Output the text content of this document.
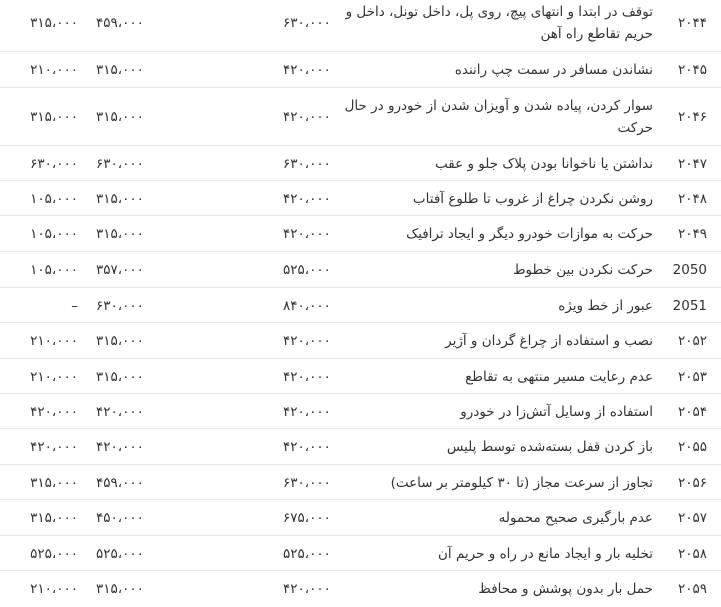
۲۰۴۴
توقف در ابتدا و انتهای پیچ، روی پل، داخل تونل، داخل و حریم تقاطع راه آهن
۶۳۰،۰۰۰
۴۵۹،۰۰۰
۳۱۵،۰۰۰
۲۰۴۵
نشاندن مسافر در سمت چپ راننده
۴۲۰،۰۰۰
۳۱۵،۰۰۰
۲۱۰،۰۰۰
۲۰۴۶
سوار کردن، پیاده شدن و آویزان شدن از خودرو در حال حرکت
۴۲۰،۰۰۰
۳۱۵،۰۰۰
۳۱۵،۰۰۰
۲۰۴۷
نداشتن یا ناخوانا بودن پلاک جلو و عقب
۶۳۰،۰۰۰
۶۳۰،۰۰۰
۶۳۰،۰۰۰
۲۰۴۸
روشن نکردن چراغ از غروب تا طلوع آفتاب
۴۲۰،۰۰۰
۳۱۵،۰۰۰
۱۰۵،۰۰۰
۲۰۴۹
حرکت به موازات خودرو دیگر و ایجاد ترافیک
۴۲۰،۰۰۰
۳۱۵،۰۰۰
۱۰۵،۰۰۰
2050
حرکت نکردن بین خطوط
۵۲۵،۰۰۰
۳۵۷،۰۰۰
۱۰۵،۰۰۰
2051
عبور از خط ویژه
۸۴۰،۰۰۰
۶۳۰،۰۰۰
–
۲۰۵۲
نصب و استفاده از چراغ گردان و آژیر
۴۲۰،۰۰۰
۳۱۵،۰۰۰
۲۱۰،۰۰۰
۲۰۵۳
عدم رعایت مسیر منتهی به تقاطع
۴۲۰،۰۰۰
۳۱۵،۰۰۰
۲۱۰،۰۰۰
۲۰۵۴
استفاده از وسایل آتش‌زا در خودرو
۴۲۰،۰۰۰
۴۲۰،۰۰۰
۴۲۰،۰۰۰
۲۰۵۵
باز کردن قفل بسته‌شده توسط پلیس
۴۲۰،۰۰۰
۴۲۰،۰۰۰
۴۲۰،۰۰۰
۲۰۵۶
تجاوز از سرعت مجاز (تا ۳۰ کیلومتر بر ساعت)
۶۳۰،۰۰۰
۴۵۹،۰۰۰
۳۱۵،۰۰۰
۲۰۵۷
عدم بارگیری صحیح محموله
۶۷۵،۰۰۰
۴۵۰،۰۰۰
۳۱۵،۰۰۰
۲۰۵۸
تخلیه بار و ایجاد مانع در راه و حریم آن
۵۲۵،۰۰۰
۵۲۵،۰۰۰
۵۲۵،۰۰۰
۲۰۵۹
حمل بار بدون پوشش و محافظ
۴۲۰،۰۰۰
۳۱۵،۰۰۰
۲۱۰،۰۰۰
